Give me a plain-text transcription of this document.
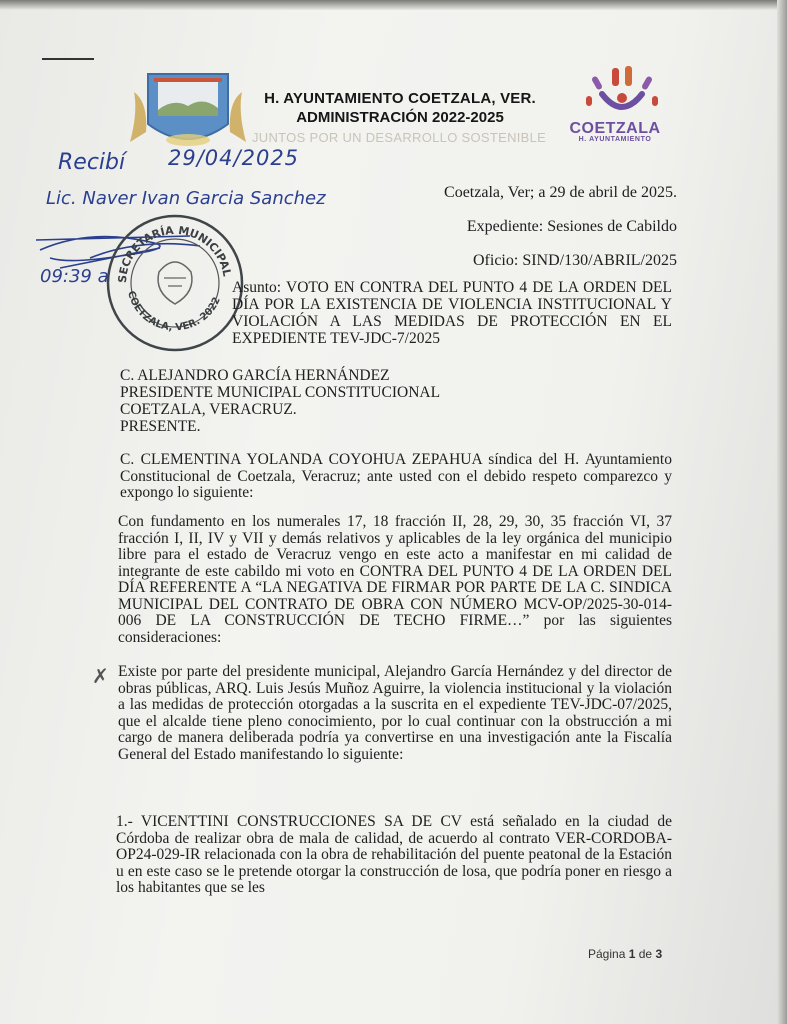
H. AYUNTAMIENTO COETZALA, VER.
ADMINISTRACIÓN 2022-2025
JUNTOS POR UN DESARROLLO SOSTENIBLE
COETZALA
H. AYUNTAMIENTO
Recibí 29/04/2025
Lic. Naver Ivan Garcia Sanchez
09:39 a SECRETARÍA MUNICIPAL
COETZALA, VER. 2022
Coetzala, Ver; a 29 de abril de 2025.
Expediente: Sesiones de Cabildo
Oficio: SIND/130/ABRIL/2025
Asunto: VOTO EN CONTRA DEL PUNTO 4 DE LA ORDEN DEL DÍA POR LA EXISTENCIA DE VIOLENCIA INSTITUCIONAL Y VIOLACIÓN A LAS MEDIDAS DE PROTECCIÓN EN EL EXPEDIENTE TEV-JDC-7/2025
C. ALEJANDRO GARCÍA HERNÁNDEZ
PRESIDENTE MUNICIPAL CONSTITUCIONAL
COETZALA, VERACRUZ.
PRESENTE.
C. CLEMENTINA YOLANDA COYOHUA ZEPAHUA síndica del H. Ayuntamiento Constitucional de Coetzala, Veracruz; ante usted con el debido respeto comparezco y expongo lo siguiente:
Con fundamento en los numerales 17, 18 fracción II, 28, 29, 30, 35 fracción VI, 37 fracción I, II, IV y VII y demás relativos y aplicables de la ley orgánica del municipio libre para el estado de Veracruz vengo en este acto a manifestar en mi calidad de integrante de este cabildo mi voto en CONTRA DEL PUNTO 4 DE LA ORDEN DEL DÍA REFERENTE A “LA NEGATIVA DE FIRMAR POR PARTE DE LA C. SINDICA MUNICIPAL DEL CONTRATO DE OBRA CON NÚMERO MCV-OP/2025-30-014-006 DE LA CONSTRUCCIÓN DE TECHO FIRME…” por las siguientes consideraciones:
✗ Existe por parte del presidente municipal, Alejandro García Hernández y del director de obras públicas, ARQ. Luis Jesús Muñoz Aguirre, la violencia institucional y la violación a las medidas de protección otorgadas a la suscrita en el expediente TEV-JDC-07/2025, que el alcalde tiene pleno conocimiento, por lo cual continuar con la obstrucción a mi cargo de manera deliberada podría ya convertirse en una investigación ante la Fiscalía General del Estado manifestando lo siguiente:
1.- VICENTTINI CONSTRUCCIONES SA DE CV está señalado en la ciudad de Córdoba de realizar obra de mala de calidad, de acuerdo al contrato VER-CORDOBA-OP24-029-IR relacionada con la obra de rehabilitación del puente peatonal de la Estación u en este caso se le pretende otorgar la construcción de losa, que podría poner en riesgo a los habitantes que se les
Página 1 de 3
